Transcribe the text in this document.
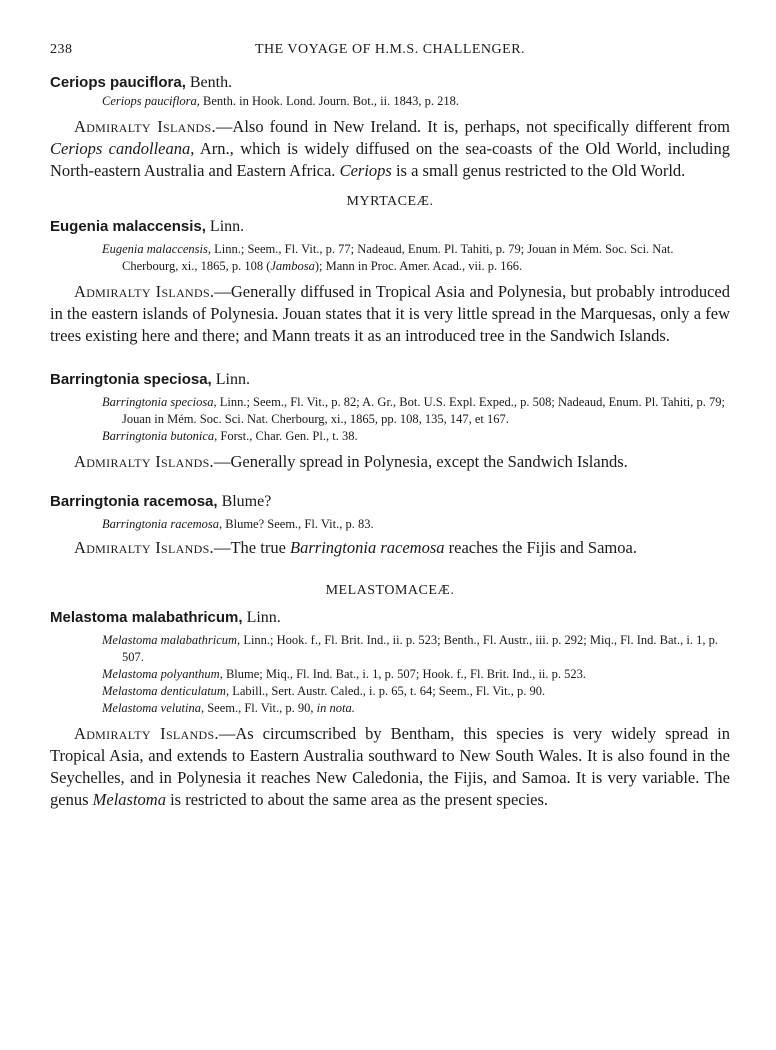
238	THE VOYAGE OF H.M.S. CHALLENGER.

Ceriops pauciflora, Benth.

Ceriops pauciflora, Benth. in Hook. Lond. Journ. Bot., ii. 1843, p. 218.

Admiralty Islands.—Also found in New Ireland. It is, perhaps, not specifically different from Ceriops candolleana, Arn., which is widely diffused on the sea-coasts of the Old World, including North-eastern Australia and Eastern Africa. Ceriops is a small genus restricted to the Old World.

MYRTACEÆ.

Eugenia malaccensis, Linn.

Eugenia malaccensis, Linn.; Seem., Fl. Vit., p. 77; Nadeaud, Enum. Pl. Tahiti, p. 79; Jouan in Mém. Soc. Sci. Nat. Cherbourg, xi., 1865, p. 108 (Jambosa); Mann in Proc. Amer. Acad., vii. p. 166.

Admiralty Islands.—Generally diffused in Tropical Asia and Polynesia, but probably introduced in the eastern islands of Polynesia. Jouan states that it is very little spread in the Marquesas, only a few trees existing here and there; and Mann treats it as an introduced tree in the Sandwich Islands.

Barringtonia speciosa, Linn.

Barringtonia speciosa, Linn.; Seem., Fl. Vit., p. 82; A. Gr., Bot. U.S. Expl. Exped., p. 508; Nadeaud, Enum. Pl. Tahiti, p. 79; Jouan in Mém. Soc. Sci. Nat. Cherbourg, xi., 1865, pp. 108, 135, 147, et 167.

Barringtonia butonica, Forst., Char. Gen. Pl., t. 38.

Admiralty Islands.—Generally spread in Polynesia, except the Sandwich Islands.

Barringtonia racemosa, Blume?

Barringtonia racemosa, Blume? Seem., Fl. Vit., p. 83.

Admiralty Islands.—The true Barringtonia racemosa reaches the Fijis and Samoa.

MELASTOMACEÆ.

Melastoma malabathricum, Linn.

Melastoma malabathricum, Linn.; Hook. f., Fl. Brit. Ind., ii. p. 523; Benth., Fl. Austr., iii. p. 292; Miq., Fl. Ind. Bat., i. 1, p. 507.

Melastoma polyanthum, Blume; Miq., Fl. Ind. Bat., i. 1, p. 507; Hook. f., Fl. Brit. Ind., ii. p. 523.

Melastoma denticulatum, Labill., Sert. Austr. Caled., i. p. 65, t. 64; Seem., Fl. Vit., p. 90.

Melastoma velutina, Seem., Fl. Vit., p. 90, in nota.

Admiralty Islands.—As circumscribed by Bentham, this species is very widely spread in Tropical Asia, and extends to Eastern Australia southward to New South Wales. It is also found in the Seychelles, and in Polynesia it reaches New Caledonia, the Fijis, and Samoa. It is very variable. The genus Melastoma is restricted to about the same area as the present species.
